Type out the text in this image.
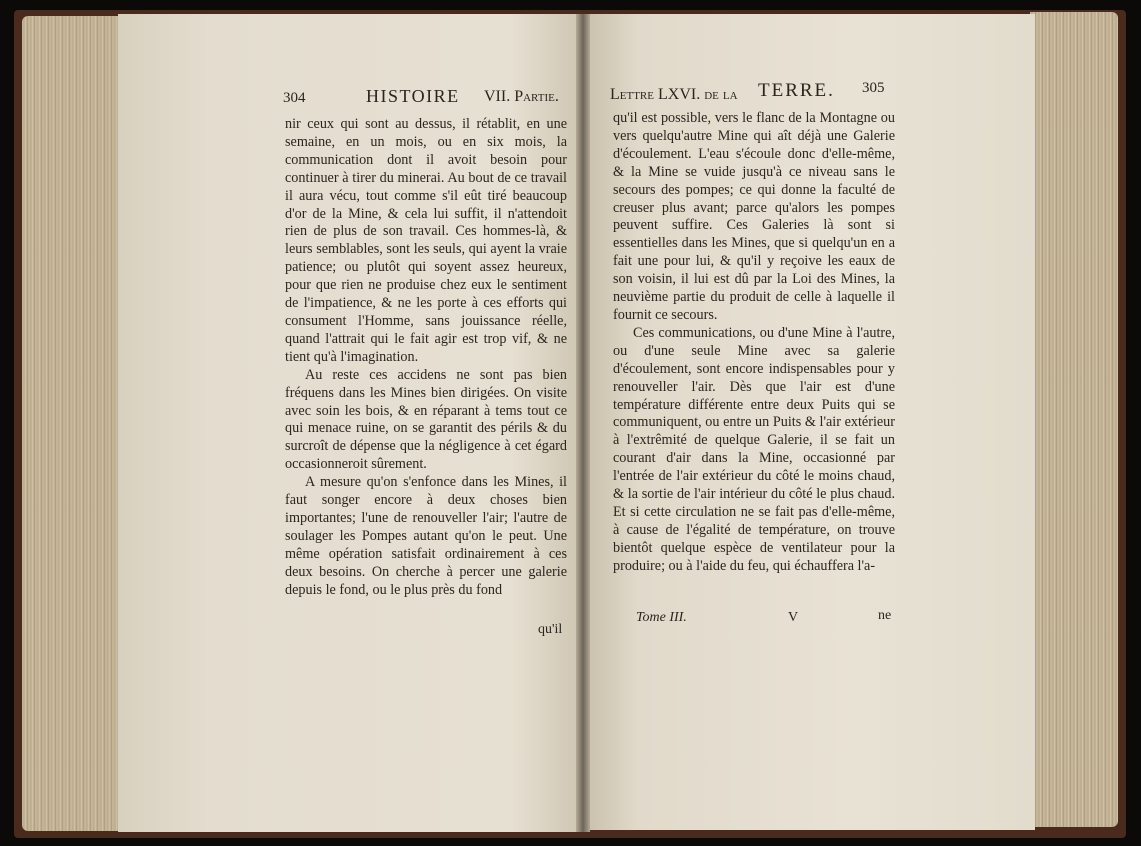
304	HISTOIRE VII. Partie.

nir ceux qui sont au dessus, il rétablit, en une semaine, en un mois, ou en six mois, la communication dont il avoit besoin pour continuer à tirer du minerai. Au bout de ce travail il aura vécu, tout comme s'il eût tiré beaucoup d'or de la Mine, & cela lui suffit, il n'attendoit rien de plus de son travail. Ces hommes-là, & leurs semblables, sont les seuls, qui ayent la vraie patience; ou plutôt qui soyent assez heureux, pour que rien ne produise chez eux le sentiment de l'impatience, & ne les porte à ces efforts qui consument l'Homme, sans jouissance réelle, quand l'attrait qui le fait agir est trop vif, & ne tient qu'à l'imagination.

Au reste ces accidens ne sont pas bien fréquens dans les Mines bien dirigées. On visite avec soin les bois, & en réparant à tems tout ce qui menace ruine, on se garantit des périls & du surcroît de dépense que la négligence à cet égard occasionneroit sûrement.

A mesure qu'on s'enfonce dans les Mines, il faut songer encore à deux choses bien importantes; l'une de renouveller l'air; l'autre de soulager les Pompes autant qu'on le peut. Une même opération satisfait ordinairement à ces deux besoins. On cherche à percer une galerie depuis le fond, ou le plus près du fond

qu'il
Lettre LXVI. de la TERRE. 305

qu'il est possible, vers le flanc de la Montagne ou vers quelqu'autre Mine qui aît déjà une Galerie d'écoulement. L'eau s'écoule donc d'elle-même, & la Mine se vuide jusqu'à ce niveau sans le secours des pompes; ce qui donne la faculté de creuser plus avant; parce qu'alors les pompes peuvent suffire. Ces Galeries là sont si essentielles dans les Mines, que si quelqu'un en a fait une pour lui, & qu'il y reçoive les eaux de son voisin, il lui est dû par la Loi des Mines, la neuvième partie du produit de celle à laquelle il fournit ce secours.

Ces communications, ou d'une Mine à l'autre, ou d'une seule Mine avec sa galerie d'écoulement, sont encore indispensables pour y renouveller l'air. Dès que l'air est d'une température différente entre deux Puits qui se communiquent, ou entre un Puits & l'air extérieur à l'extrêmité de quelque Galerie, il se fait un courant d'air dans la Mine, occasionné par l'entrée de l'air extérieur du côté le moins chaud, & la sortie de l'air intérieur du côté le plus chaud. Et si cette circulation ne se fait pas d'elle-même, à cause de l'égalité de température, on trouve bientôt quelque espèce de ventilateur pour la produire; ou à l'aide du feu, qui échauffera l'a-

Tome III.	V	ne
